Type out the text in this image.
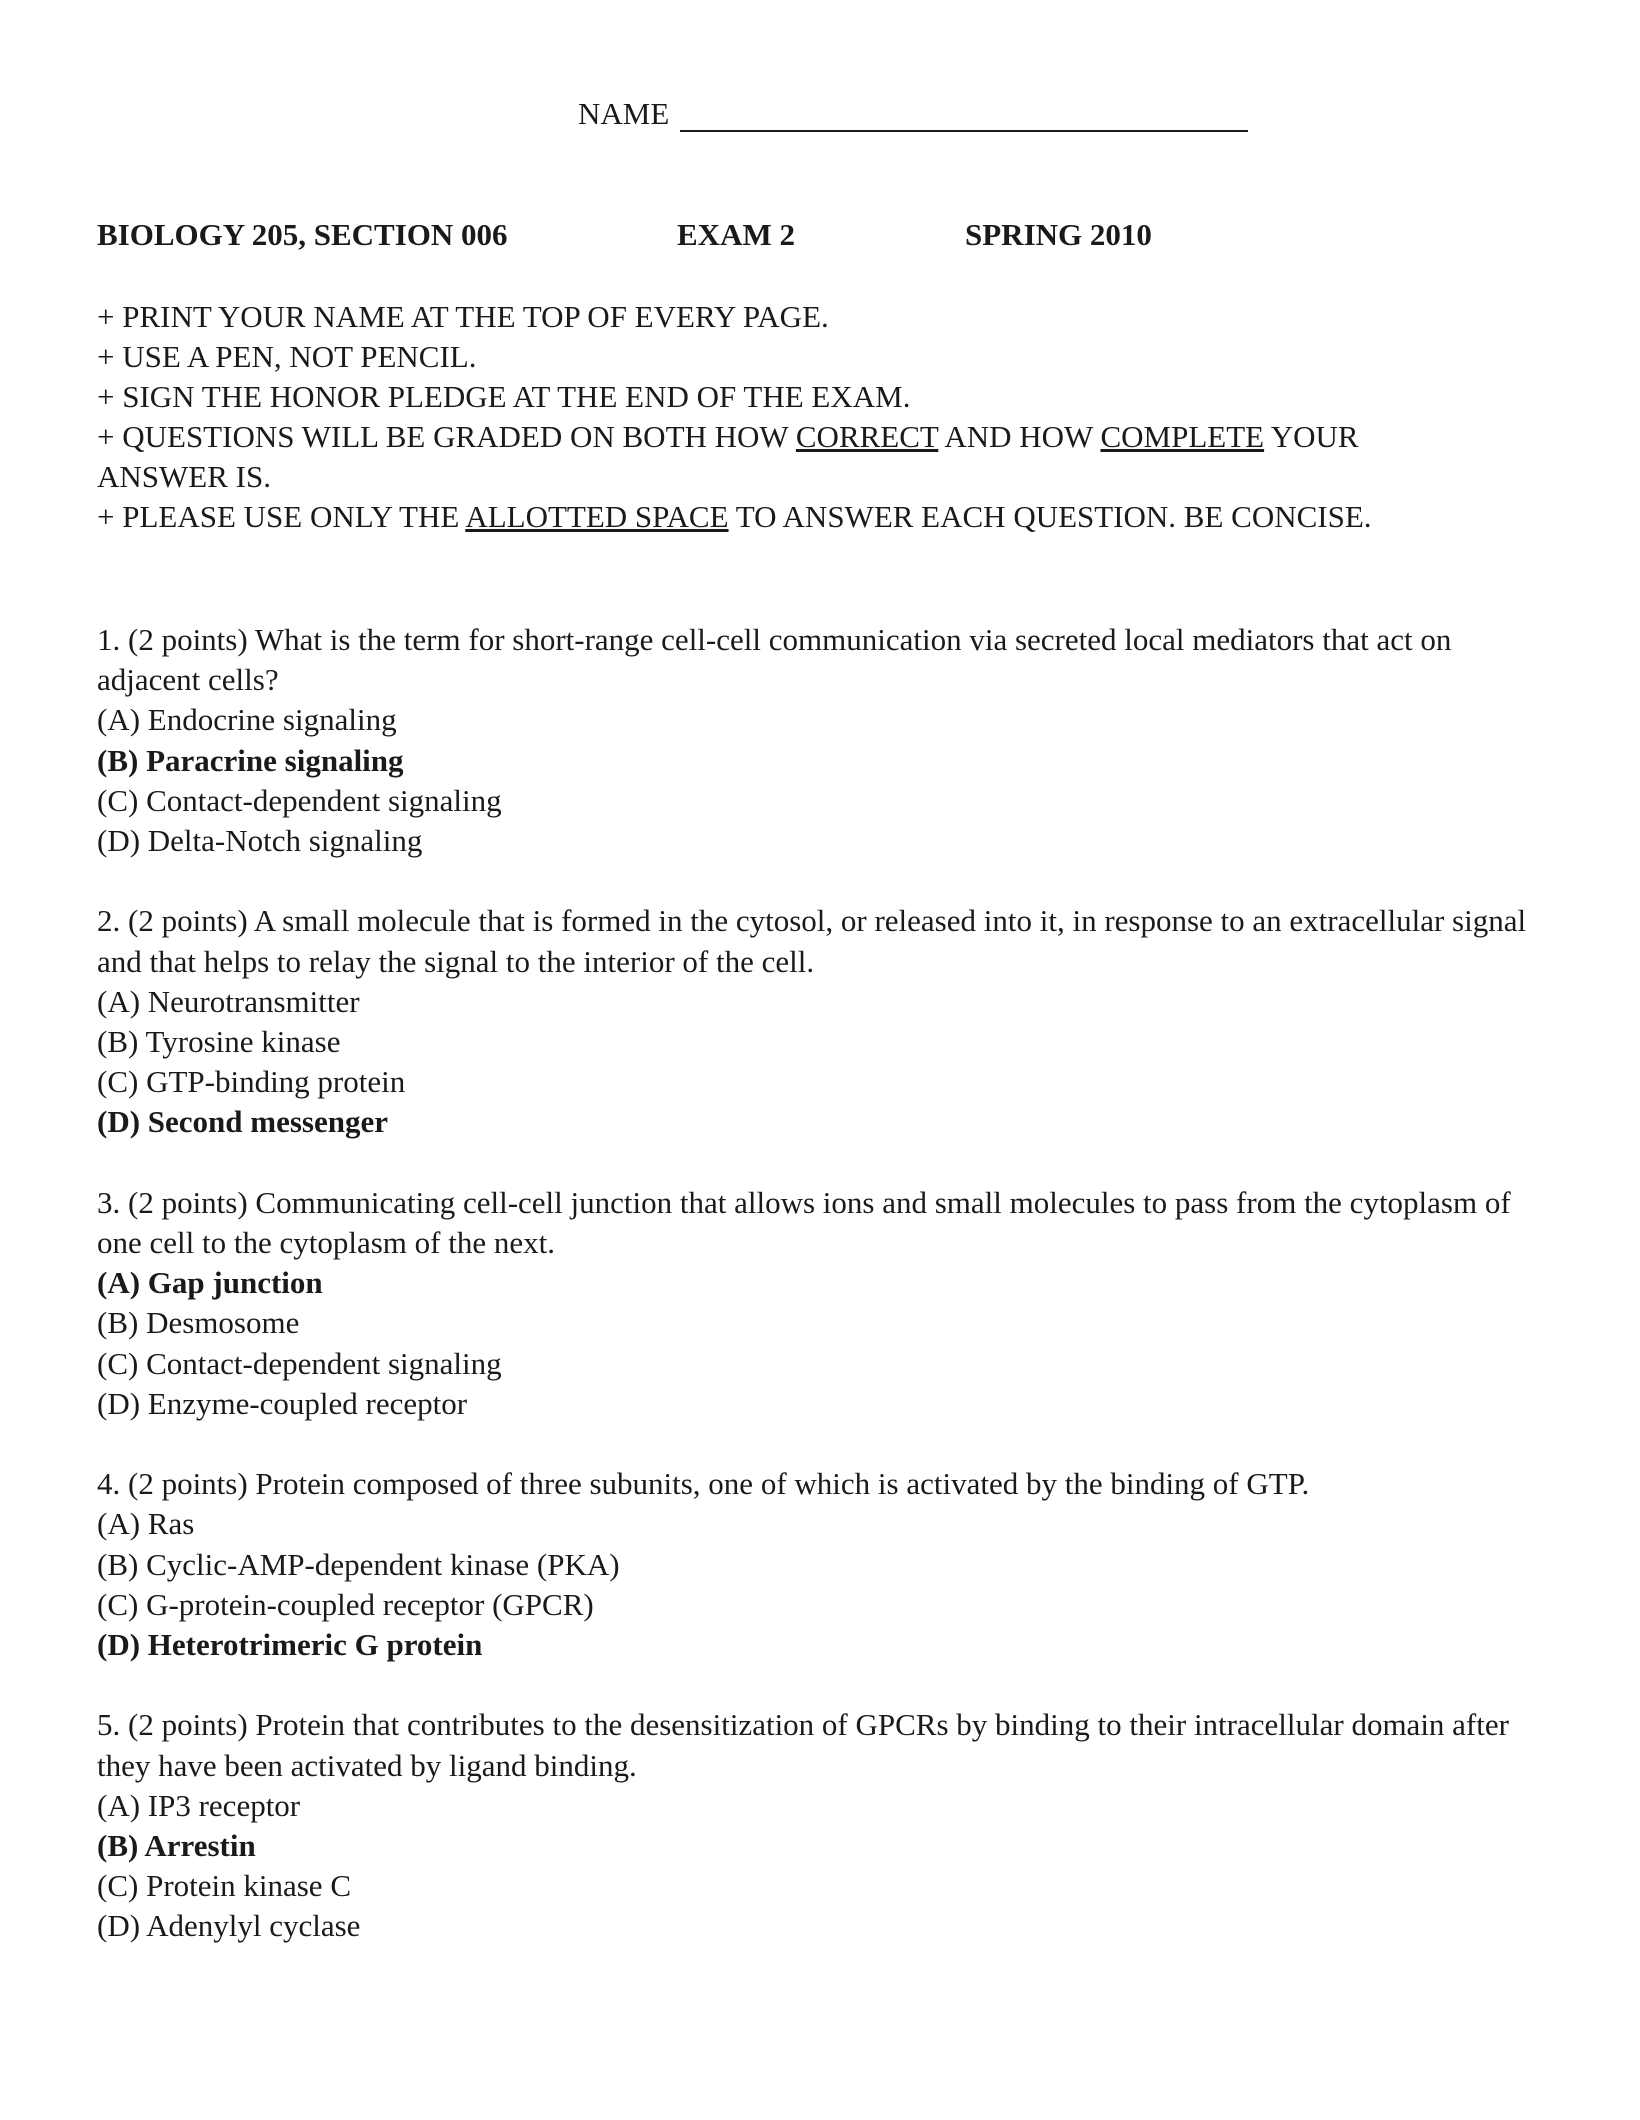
NAME
BIOLOGY 205, SECTION 006	EXAM 2	SPRING 2010
+ PRINT YOUR NAME AT THE TOP OF EVERY PAGE.
+ USE A PEN, NOT PENCIL.
+ SIGN THE HONOR PLEDGE AT THE END OF THE EXAM.
+ QUESTIONS WILL BE GRADED ON BOTH HOW CORRECT AND HOW COMPLETE YOUR
ANSWER IS.
+ PLEASE USE ONLY THE ALLOTTED SPACE TO ANSWER EACH QUESTION. BE CONCISE.

1. (2 points) What is the term for short-range cell-cell communication via secreted local mediators that act on adjacent cells?

(A) Endocrine signaling
(B) Paracrine signaling
(C) Contact-dependent signaling
(D) Delta-Notch signaling

2. (2 points) A small molecule that is formed in the cytosol, or released into it, in response to an extracellular signal and that helps to relay the signal to the interior of the cell.

(A) Neurotransmitter
(B) Tyrosine kinase
(C) GTP-binding protein
(D) Second messenger

3. (2 points) Communicating cell-cell junction that allows ions and small molecules to pass from the cytoplasm of one cell to the cytoplasm of the next.

(A) Gap junction
(B) Desmosome
(C) Contact-dependent signaling
(D) Enzyme-coupled receptor

4. (2 points) Protein composed of three subunits, one of which is activated by the binding of GTP.

(A) Ras
(B) Cyclic-AMP-dependent kinase (PKA)
(C) G-protein-coupled receptor (GPCR)
(D) Heterotrimeric G protein

5. (2 points) Protein that contributes to the desensitization of GPCRs by binding to their intracellular domain after they have been activated by ligand binding.

(A) IP3 receptor
(B) Arrestin
(C) Protein kinase C
(D) Adenylyl cyclase
